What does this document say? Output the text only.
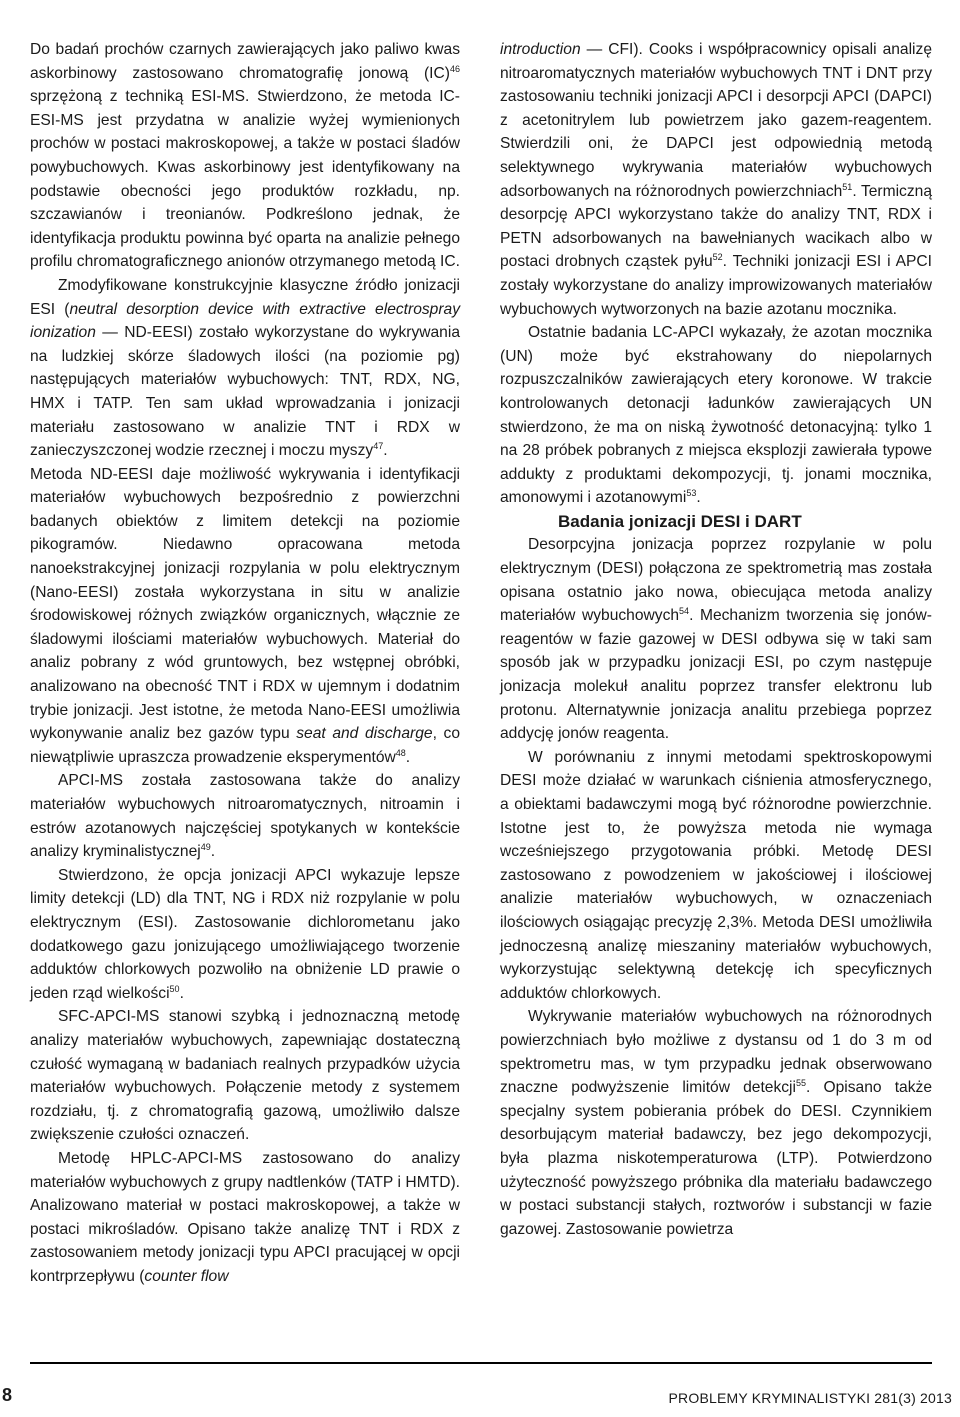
Do badań prochów czarnych zawierających jako paliwo kwas askorbinowy zastosowano chromatografię jonową (IC)$^{46}$ sprzężoną z techniką ESI-MS. Stwierdzono, że metoda IC-ESI-MS jest przydatna w analizie wyżej wymienionych prochów w postaci makroskopowej, a także w postaci śladów powybuchowych. Kwas askorbinowy jest identyfikowany na podstawie obecności jego produktów rozkładu, np. szczawianów i treonianów. Podkreślono jednak, że identyfikacja produktu powinna być oparta na analizie pełnego profilu chromatograficznego anionów otrzymanego metodą IC.

Zmodyfikowane konstrukcyjnie klasyczne źródło jonizacji ESI (neutral desorption device with extractive electrospray ionization — ND-EESI) zostało wykorzystane do wykrywania na ludzkiej skórze śladowych ilości (na poziomie pg) następujących materiałów wybuchowych: TNT, RDX, NG, HMX i TATP. Ten sam układ wprowadzania i jonizacji materiału zastosowano w analizie TNT i RDX w zanieczyszczonej wodzie rzecznej i moczu myszy$^{47}$.

Metoda ND-EESI daje możliwość wykrywania i identyfikacji materiałów wybuchowych bezpośrednio z powierzchni badanych obiektów z limitem detekcji na poziomie pikogramów. Niedawno opracowana metoda nanoekstrakcyjnej jonizacji rozpylania w polu elektrycznym (Nano-EESI) została wykorzystana in situ w analizie środowiskowej różnych związków organicznych, włącznie ze śladowymi ilościami materiałów wybuchowych. Materiał do analiz pobrany z wód gruntowych, bez wstępnej obróbki, analizowano na obecność TNT i RDX w ujemnym i dodatnim trybie jonizacji. Jest istotne, że metoda Nano-EESI umożliwia wykonywanie analiz bez gazów typu seat and discharge, co niewątpliwie upraszcza prowadzenie eksperymentów$^{48}$.

APCI-MS została zastosowana także do analizy materiałów wybuchowych nitroaromatycznych, nitroamin i estrów azotanowych najczęściej spotykanych w kontekście analizy kryminalistycznej$^{49}$.

Stwierdzono, że opcja jonizacji APCI wykazuje lepsze limity detekcji (LD) dla TNT, NG i RDX niż rozpylanie w polu elektrycznym (ESI). Zastosowanie dichlorometanu jako dodatkowego gazu jonizującego umożliwiającego tworzenie adduktów chlorkowych pozwoliło na obniżenie LD prawie o jeden rząd wielkości$^{50}$.

SFC-APCI-MS stanowi szybką i jednoznaczną metodę analizy materiałów wybuchowych, zapewniając dostateczną czułość wymaganą w badaniach realnych przypadków użycia materiałów wybuchowych. Połączenie metody z systemem rozdziału, tj. z chromatografią gazową, umożliwiło dalsze zwiększenie czułości oznaczeń.

Metodę HPLC-APCI-MS zastosowano do analizy materiałów wybuchowych z grupy nadtlenków (TATP i HMTD). Analizowano materiał w postaci makroskopowej, a także w postaci mikrośladów. Opisano także analizę TNT i RDX z zastosowaniem metody jonizacji typu APCI pracującej w opcji kontrprzepływu (counter flow

introduction — CFI). Cooks i współpracownicy opisali analizę nitroaromatycznych materiałów wybuchowych TNT i DNT przy zastosowaniu techniki jonizacji APCI i desorpcji APCI (DAPCI) z acetonitrylem lub powietrzem jako gazem-reagentem. Stwierdzili oni, że DAPCI jest odpowiednią metodą selektywnego wykrywania materiałów wybuchowych adsorbowanych na różnorodnych powierzchniach$^{51}$. Termiczną desorpcję APCI wykorzystano także do analizy TNT, RDX i PETN adsorbowanych na bawełnianych wacikach albo w postaci drobnych cząstek pyłu$^{52}$. Techniki jonizacji ESI i APCI zostały wykorzystane do analizy improwizowanych materiałów wybuchowych wytworzonych na bazie azotanu mocznika.

Ostatnie badania LC-APCI wykazały, że azotan mocznika (UN) może być ekstrahowany do niepolarnych rozpuszczalników zawierających etery koronowe. W trakcie kontrolowanych detonacji ładunków zawierających UN stwierdzono, że ma on niską żywotność detonacyjną: tylko 1 na 28 próbek pobranych z miejsca eksplozji zawierała typowe addukty z produktami dekompozycji, tj. jonami mocznika, amonowymi i azotanowymi$^{53}$.

Badania jonizacji DESI i DART

Desorpcyjna jonizacja poprzez rozpylanie w polu elektrycznym (DESI) połączona ze spektrometrią mas została opisana ostatnio jako nowa, obiecująca metoda analizy materiałów wybuchowych$^{54}$. Mechanizm tworzenia się jonów-reagentów w fazie gazowej w DESI odbywa się w taki sam sposób jak w przypadku jonizacji ESI, po czym następuje jonizacja molekuł analitu poprzez transfer elektronu lub protonu. Alternatywnie jonizacja analitu przebiega poprzez addycję jonów reagenta.

W porównaniu z innymi metodami spektroskopowymi DESI może działać w warunkach ciśnienia atmosferycznego, a obiektami badawczymi mogą być różnorodne powierzchnie. Istotne jest to, że powyższa metoda nie wymaga wcześniejszego przygotowania próbki. Metodę DESI zastosowano z powodzeniem w jakościowej i ilościowej analizie materiałów wybuchowych, w oznaczeniach ilościowych osiągając precyzję 2,3%. Metoda DESI umożliwiła jednoczesną analizę mieszaniny materiałów wybuchowych, wykorzystując selektywną detekcję ich specyficznych adduktów chlorkowych.

Wykrywanie materiałów wybuchowych na różnorodnych powierzchniach było możliwe z dystansu od 1 do 3 m od spektrometru mas, w tym przypadku jednak obserwowano znaczne podwyższenie limitów detekcji$^{55}$. Opisano także specjalny system pobierania próbek do DESI. Czynnikiem desorbującym materiał badawczy, bez jego dekompozycji, była plazma niskotemperaturowa (LTP). Potwierdzono użyteczność powyższego próbnika dla materiału badawczego w postaci substancji stałych, roztworów i substancji w fazie gazowej. Zastosowanie powietrza

8	PROBLEMY KRYMINALISTYKI 281(3) 2013
